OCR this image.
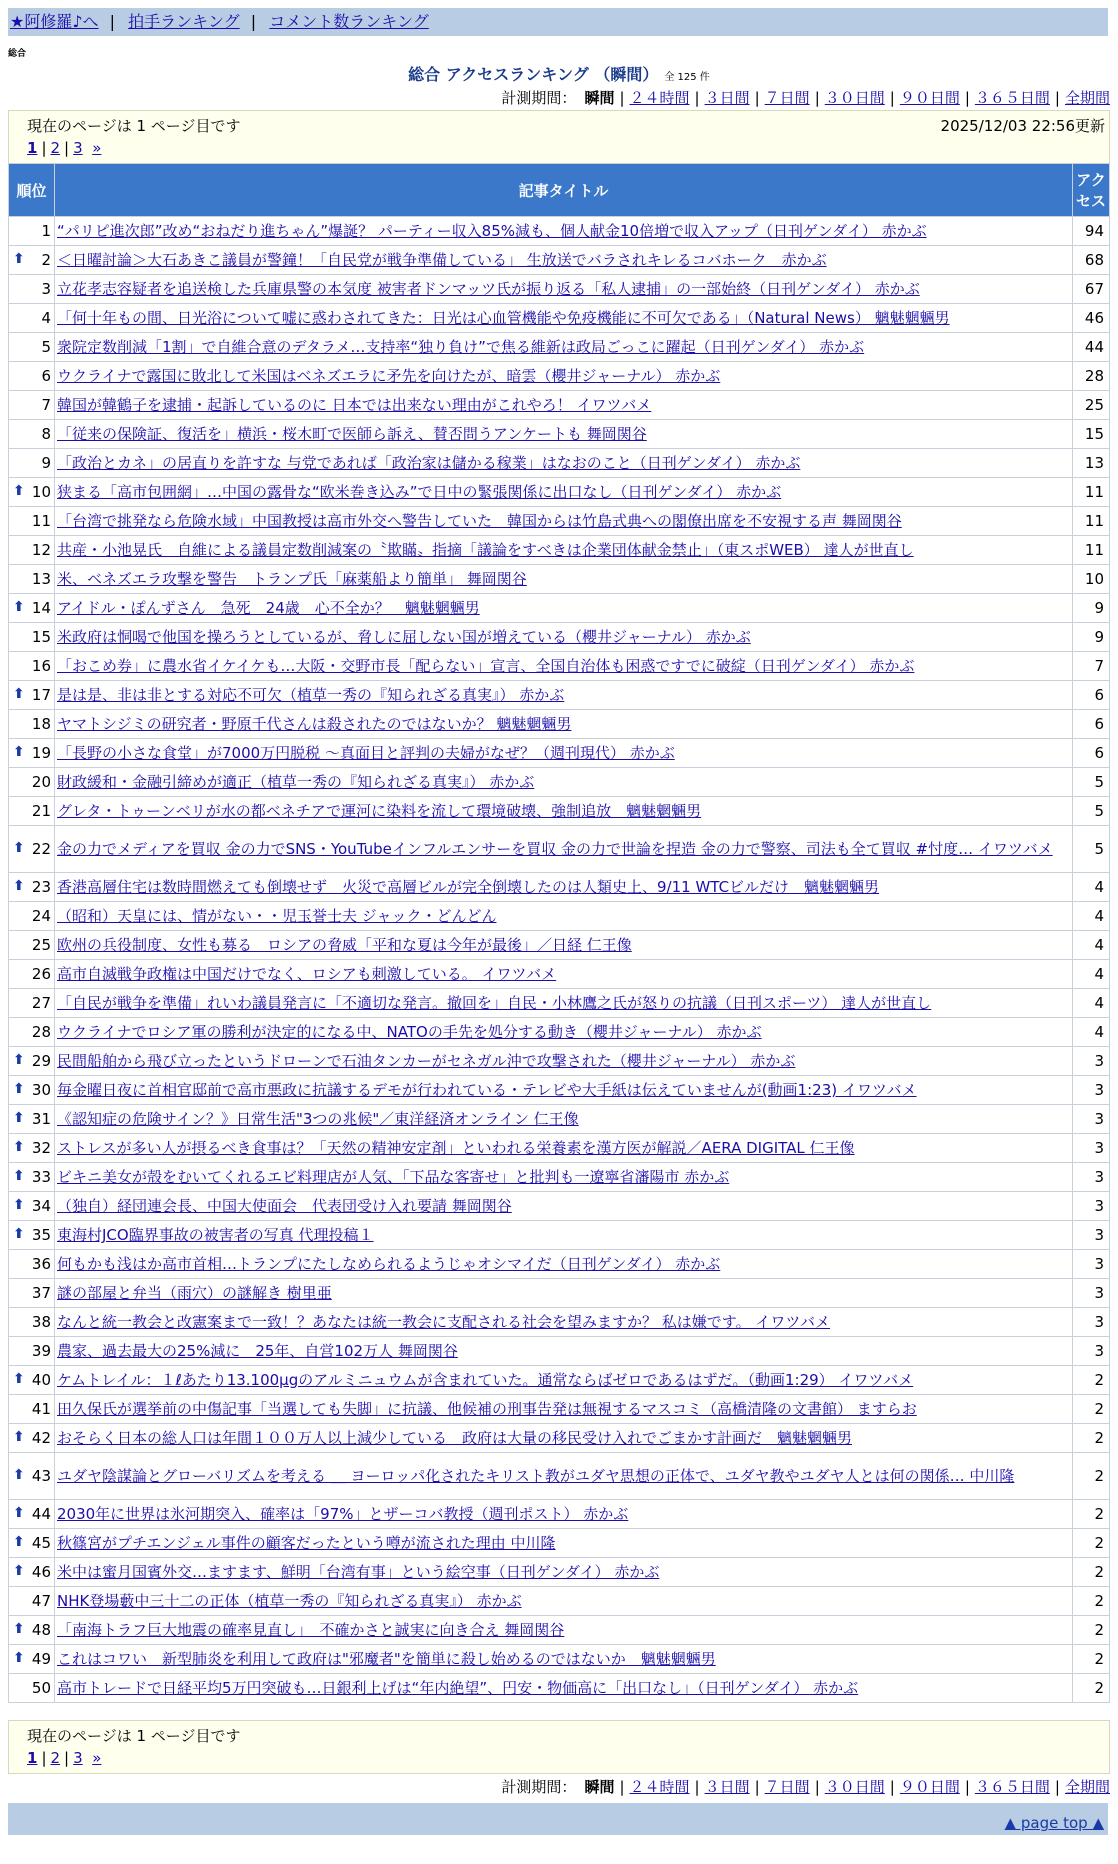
★阿修羅♪へ | 拍手ランキング | コメント数ランキング
総合
総合 アクセスランキング （瞬間） 全 125 件
計測期間： 瞬間 | ２４時間 | ３日間 | ７日間 | ３０日間 | ９０日間 | ３６５日間 | 全期間
現在のページは 1 ページ目です	2025/12/03 22:56更新
1 | 2 | 3 »
順位	記事タイトル	アクセス
1	“パリピ進次郎”改め“おねだり進ちゃん”爆誕？ パーティー収入85%減も、個人献金10倍増で収入アップ（日刊ゲンダイ） 赤かぶ	94

⬆ 2	＜日曜討論＞大石あきこ議員が警鐘！「自民党が戦争準備している」 生放送でバラされキレるコバホーク　赤かぶ	68
3	立花孝志容疑者を追送検した兵庫県警の本気度 被害者ドンマッツ氏が振り返る「私人逮捕」の一部始終（日刊ゲンダイ） 赤かぶ	67
4	「何十年もの間、日光浴について嘘に惑わされてきた：日光は心血管機能や免疫機能に不可欠である」（Natural News） 魑魅魍魎男	46
5	衆院定数削減「1割」で自維合意のデタラメ…支持率“独り負け”で焦る維新は政局ごっこに躍起（日刊ゲンダイ） 赤かぶ	44
6	ウクライナで露国に敗北して米国はベネズエラに矛先を向けたが、暗雲（櫻井ジャーナル） 赤かぶ	28
7	韓国が韓鶴子を逮捕・起訴しているのに 日本では出来ない理由がこれやろ！ イワツバメ	25
8	「従来の保険証、復活を」横浜・桜木町で医師ら訴え、賛否問うアンケートも 舞岡関谷	15
9	「政治とカネ」の居直りを許すな 与党であれば「政治家は儲かる稼業」はなおのこと（日刊ゲンダイ） 赤かぶ	13

⬆ 10	狭まる「高市包囲網」…中国の露骨な“欧米巻き込み”で日中の緊張関係に出口なし（日刊ゲンダイ） 赤かぶ	11
11	「台湾で挑発なら危険水域」中国教授は高市外交へ警告していた　韓国からは竹島式典への閣僚出席を不安視する声 舞岡関谷	11
12	共産・小池晃氏　自維による議員定数削減案の〝欺瞞〟指摘「議論をすべきは企業団体献金禁止」（東スポWEB） 達人が世直し	11
13	米、ベネズエラ攻撃を警告　トランプ氏「麻薬船より簡単」 舞岡関谷	10

⬆ 14	アイドル・ぽんずさん　急死　24歳　心不全か？　魑魅魍魎男	9
15	米政府は恫喝で他国を操ろうとしているが、脅しに屈しない国が増えている（櫻井ジャーナル） 赤かぶ	9
16	「おこめ券」に農水省イケイケも…大阪・交野市長「配らない」宣言、全国自治体も困惑ですでに破綻（日刊ゲンダイ） 赤かぶ	7

⬆ 17	是は是、非は非とする対応不可欠（植草一秀の『知られざる真実』） 赤かぶ	6
18	ヤマトシジミの研究者・野原千代さんは殺されたのではないか？ 魑魅魍魎男	6

⬆ 19	「長野の小さな食堂」が7000万円脱税 ～真面目と評判の夫婦がなぜ？（週刊現代） 赤かぶ	6
20	財政緩和・金融引締めが適正（植草一秀の『知られざる真実』） 赤かぶ	5
21	グレタ・トゥーンベリが水の都ベネチアで運河に染料を流して環境破壊、強制追放　魑魅魍魎男	5

⬆ 22	金の力でメディアを買収 金の力でSNS・YouTubeインフルエンサーを買収 金の力で世論を捏造 金の力で警察、司法も全て買収 #忖度… イワツバメ	5

⬆ 23	香港高層住宅は数時間燃えても倒壊せず　火災で高層ビルが完全倒壊したのは人類史上、9/11 WTCビルだけ　魑魅魍魎男	4
24	（昭和）天皇には、情がない・・児玉誉士夫 ジャック・どんどん	4
25	欧州の兵役制度、女性も募る　ロシアの脅威「平和な夏は今年が最後」／日経 仁王像	4
26	高市自滅戦争政権は中国だけでなく、ロシアも刺激している。 イワツバメ	4
27	「自民が戦争を準備」れいわ議員発言に「不適切な発言。撤回を」自民・小林鷹之氏が怒りの抗議（日刊スポーツ） 達人が世直し	4
28	ウクライナでロシア軍の勝利が決定的になる中、NATOの手先を処分する動き（櫻井ジャーナル） 赤かぶ	4

⬆ 29	民間船舶から飛び立ったというドローンで石油タンカーがセネガル沖で攻撃された（櫻井ジャーナル） 赤かぶ	3

⬆ 30	毎金曜日夜に首相官邸前で高市悪政に抗議するデモが行われている・テレビや大手紙は伝えていませんが(動画1:23) イワツバメ	3

⬆ 31	《認知症の危険サイン？》日常生活"3つの兆候"／東洋経済オンライン 仁王像	3

⬆ 32	ストレスが多い人が摂るべき食事は？「天然の精神安定剤」といわれる栄養素を漢方医が解説／AERA DIGITAL 仁王像	3

⬆ 33	ビキニ美女が殻をむいてくれるエビ料理店が人気、「下品な客寄せ」と批判も一遼寧省瀋陽市 赤かぶ	3

⬆ 34	（独自）経団連会長、中国大使面会　代表団受け入れ要請 舞岡関谷	3

⬆ 35	東海村JCO臨界事故の被害者の写真 代理投稿１	3
36	何もかも浅はか高市首相…トランプにたしなめられるようじゃオシマイだ（日刊ゲンダイ） 赤かぶ	3
37	謎の部屋と弁当（雨穴）の謎解き 樹里亜	3
38	なんと統一教会と改憲案まで一致！？あなたは統一教会に支配される社会を望みますか？ 私は嫌です。 イワツバメ	3
39	農家、過去最大の25%減に　25年、自営102万人 舞岡関谷	3

⬆ 40	ケムトレイル：１ℓあたり13.100μgのアルミニュウムが含まれていた。通常ならばゼロであるはずだ。（動画1:29） イワツバメ	2
41	田久保氏が選挙前の中傷記事「当選しても失脚」に抗議、他候補の刑事告発は無視するマスコミ（高橋清隆の文書館） ますらお	2

⬆ 42	おそらく日本の総人口は年間１００万人以上減少している　政府は大量の移民受け入れでごまかす計画だ　魑魅魍魎男	2

⬆ 43	ユダヤ陰謀論とグローバリズムを考える ＿ ヨーロッパ化されたキリスト教がユダヤ思想の正体で、ユダヤ教やユダヤ人とは何の関係… 中川隆	2

⬆ 44	2030年に世界は氷河期突入、確率は「97%」とザーコバ教授（週刊ポスト） 赤かぶ	2

⬆ 45	秋篠宮がプチエンジェル事件の顧客だったという噂が流された理由 中川隆	2

⬆ 46	米中は蜜月国賓外交…ますます、鮮明「台湾有事」という絵空事（日刊ゲンダイ） 赤かぶ	2
47	NHK登場藪中三十二の正体（植草一秀の『知られざる真実』） 赤かぶ	2

⬆ 48	「南海トラフ巨大地震の確率見直し」　不確かさと誠実に向き合え 舞岡関谷	2

⬆ 49	これはコワい　新型肺炎を利用して政府は"邪魔者"を簡単に殺し始めるのではないか　魑魅魍魎男	2
50	高市トレードで日経平均5万円突破も…日銀利上げは“年内絶望”、円安・物価高に「出口なし」（日刊ゲンダイ） 赤かぶ	2
現在のページは 1 ページ目です
1 | 2 | 3 »
計測期間： 瞬間 | ２４時間 | ３日間 | ７日間 | ３０日間 | ９０日間 | ３６５日間 | 全期間
▲ page top ▲
